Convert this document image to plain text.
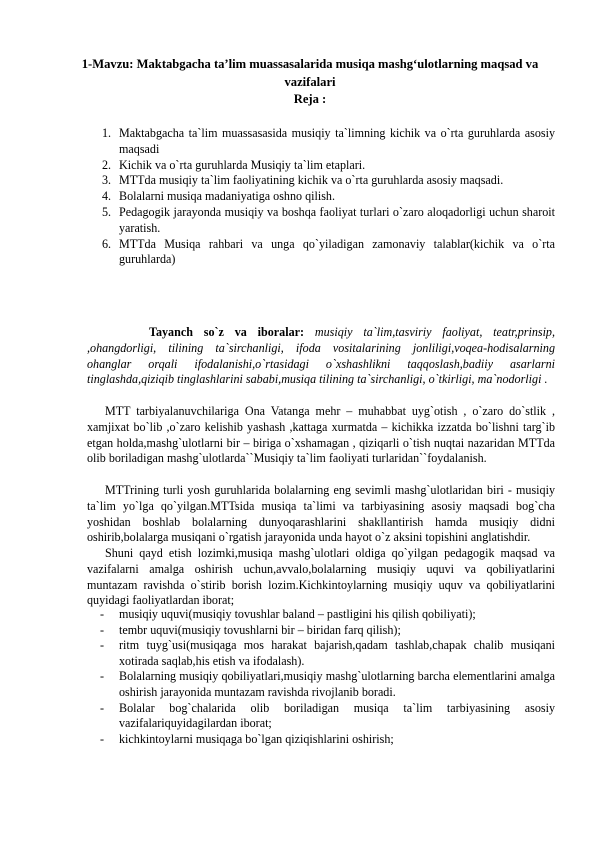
1-Mavzu: Maktabgacha ta’lim muassasalarida musiqa mashg‘ulotlarning maqsad va vazifalari
Reja :
1. Maktabgacha ta`lim muassasasida musiqiy ta`limning kichik va o`rta guruhlarda asosiy maqsadi
2. Kichik va o`rta guruhlarda Musiqiy ta`lim etaplari.
3. MTTda musiqiy ta`lim faoliyatining kichik va o`rta guruhlarda asosiy maqsadi.
4. Bolalarni musiqa madaniyatiga oshno qilish.
5. Pedagogik jarayonda musiqiy va boshqa faoliyat turlari o`zaro aloqadorligi uchun sharoit yaratish.
6. MTTda Musiqa rahbari va unga qo`yiladigan zamonaviy talablar(kichik va o`rta guruhlarda)

Tayanch so`z va iboralar: musiqiy ta`lim,tasviriy faoliyat, teatr,prinsip, ,ohangdorligi, tilining ta`sirchanligi, ifoda vositalarining jonliligi,voqea-hodisalarning ohanglar orqali ifodalanishi,o`rtasidagi o`xshashlikni taqqoslash,badiiy asarlarni tinglashda,qiziqib tinglashlarini sababi,musiqa tilining ta`sirchanligi, o`tkirligi, ma`nodorligi .

MTT tarbiyalanuvchilariga Ona Vatanga mehr – muhabbat uyg`otish , o`zaro do`stlik , xamjixat bo`lib ,o`zaro kelishib yashash ,kattaga xurmatda – kichikka izzatda bo`lishni targ`ib etgan holda,mashg`ulotlarni bir – biriga o`xshamagan , qiziqarli o`tish nuqtai nazaridan MTTda olib boriladigan mashg`ulotlarda``Musiqiy ta`lim faoliyati turlaridan``foydalanish.

MTTrining turli yosh guruhlarida bolalarning eng sevimli mashg`ulotlaridan biri - musiqiy ta`lim yo`lga qo`yilgan.MTTsida musiqa ta`limi va tarbiyasining asosiy maqsadi bog`cha yoshidan boshlab bolalarning dunyoqarashlarini shakllantirish hamda musiqiy didni oshirib,bolalarga musiqani o`rgatish jarayonida unda hayot o`z aksini topishini anglatishdir.

Shuni qayd etish lozimki,musiqa mashg`ulotlari oldiga qo`yilgan pedagogik maqsad va vazifalarni amalga oshirish uchun,avvalo,bolalarning musiqiy uquvi va qobiliyatlarini muntazam ravishda o`stirib borish lozim.Kichkintoylarning musiqiy uquv va qobiliyatlarini quyidagi faoliyatlardan iborat;

- musiqiy uquvi(musiqiy tovushlar baland – pastligini his qilish qobiliyati);
- tembr uquvi(musiqiy tovushlarni bir – biridan farq qilish);
- ritm tuyg`usi(musiqaga mos harakat bajarish,qadam tashlab,chapak chalib musiqani xotirada saqlab,his etish va ifodalash).
- Bolalarning musiqiy qobiliyatlari,musiqiy mashg`ulotlarning barcha elementlarini amalga oshirish jarayonida muntazam ravishda rivojlanib boradi.
- Bolalar bog`chalarida olib boriladigan musiqa ta`lim tarbiyasining asosiy vazifalariquyidagilardan iborat;
- kichkintoylarni musiqaga bo`lgan qiziqishlarini oshirish;
